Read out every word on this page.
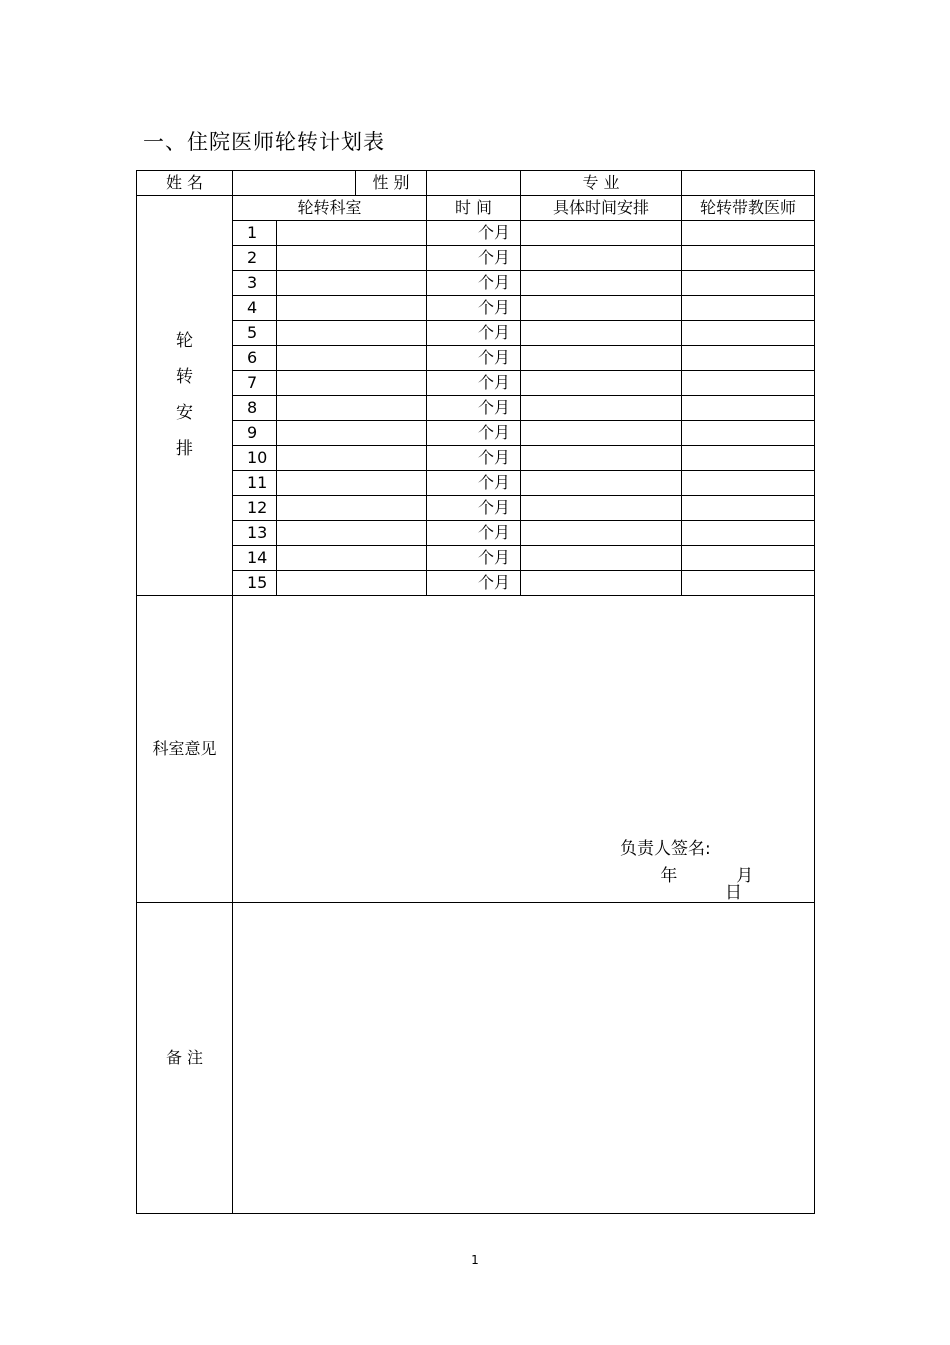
一、住院医师轮转计划表
姓 名			性 别		专 业	

轮
转
安
排	轮转科室			时 间	具体时间安排	轮转带教医师
	1			个月		
	2			个月		
	3			个月		
	4			个月		
	5			个月		
	6			个月		
	7			个月		
	8			个月		
	9			个月		
	10			个月		
	11			个月		
	12			个月		
	13			个月		
	14			个月		
	15			个月		
科室意见	负责人签名:
年 月  日					

备 注						
1
